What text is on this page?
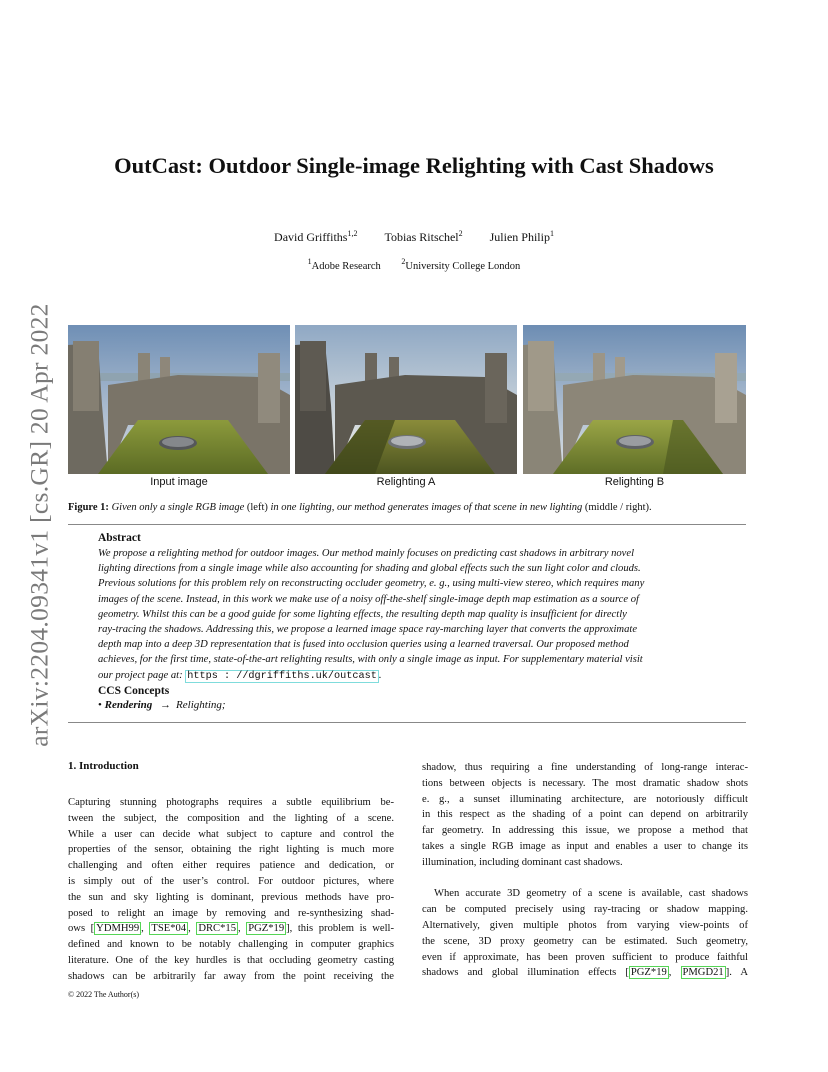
arXiv:2204.09341v1 [cs.GR] 20 Apr 2022
OutCast: Outdoor Single-image Relighting with Cast Shadows
David Griffiths$^{1,2}$ Tobias Ritschel$^2$ Julien Philip$^1$
$^1$Adobe Research	$^2$University College London
Input image	Relighting A	Relighting B
Figure 1: Given only a single RGB image (left) in one lighting, our method generates images of that scene in new lighting (middle / right).
Abstract
We propose a relighting method for outdoor images. Our method mainly focuses on predicting cast shadows in arbitrary novel
lighting directions from a single image while also accounting for shading and global effects such the sun light color and clouds.
Previous solutions for this problem rely on reconstructing occluder geometry, e. g., using multi-view stereo, which requires many
images of the scene. Instead, in this work we make use of a noisy off-the-shelf single-image depth map estimation as a source of
geometry. Whilst this can be a good guide for some lighting effects, the resulting depth map quality is insufficient for directly
ray-tracing the shadows. Addressing this, we propose a learned image space ray-marching layer that converts the approximate
depth map into a deep 3D representation that is fused into occlusion queries using a learned traversal. Our proposed method
achieves, for the first time, state-of-the-art relighting results, with only a single image as input. For supplementary material visit
our project page at: https : //dgriffiths.uk/outcast .
CCS Concepts
• Rendering → Relighting;
1. Introduction
Capturing stunning photographs requires a subtle equilibrium be-
tween the subject, the composition and the lighting of a scene.
While a user can decide what subject to capture and control the
properties of the sensor, obtaining the right lighting is much more
challenging and often either requires patience and dedication, or
is simply out of the user’s control. For outdoor pictures, where
the sun and sky lighting is dominant, previous methods have pro-
posed to relight an image by removing and re-synthesizing shad-
ows [ YDMH99 , TSE*04 , DRC*15 , PGZ*19 ], this problem is well-
defined and known to be notably challenging in computer graphics
literature. One of the key hurdles is that occluding geometry casting
shadows can be arbitrarily far away from the point receiving the
shadow, thus requiring a fine understanding of long-range interac-
tions between objects is necessary. The most dramatic shadow shots
e. g., a sunset illuminating architecture, are notoriously difficult
in this respect as the shading of a point can depend on arbitrarily
far geometry. In addressing this issue, we propose a method that
takes a single RGB image as input and enables a user to change its
illumination, including dominant cast shadows.
When accurate 3D geometry of a scene is available, cast shadows
can be computed precisely using ray-tracing or shadow mapping.
Alternatively, given multiple photos from varying view-points of
the scene, 3D proxy geometry can be estimated. Such geometry,
even if approximate, has been proven sufficient to produce faithful
shadows and global illumination effects [ PGZ*19 , PMGD21 ]. A
© 2022 The Author(s)
